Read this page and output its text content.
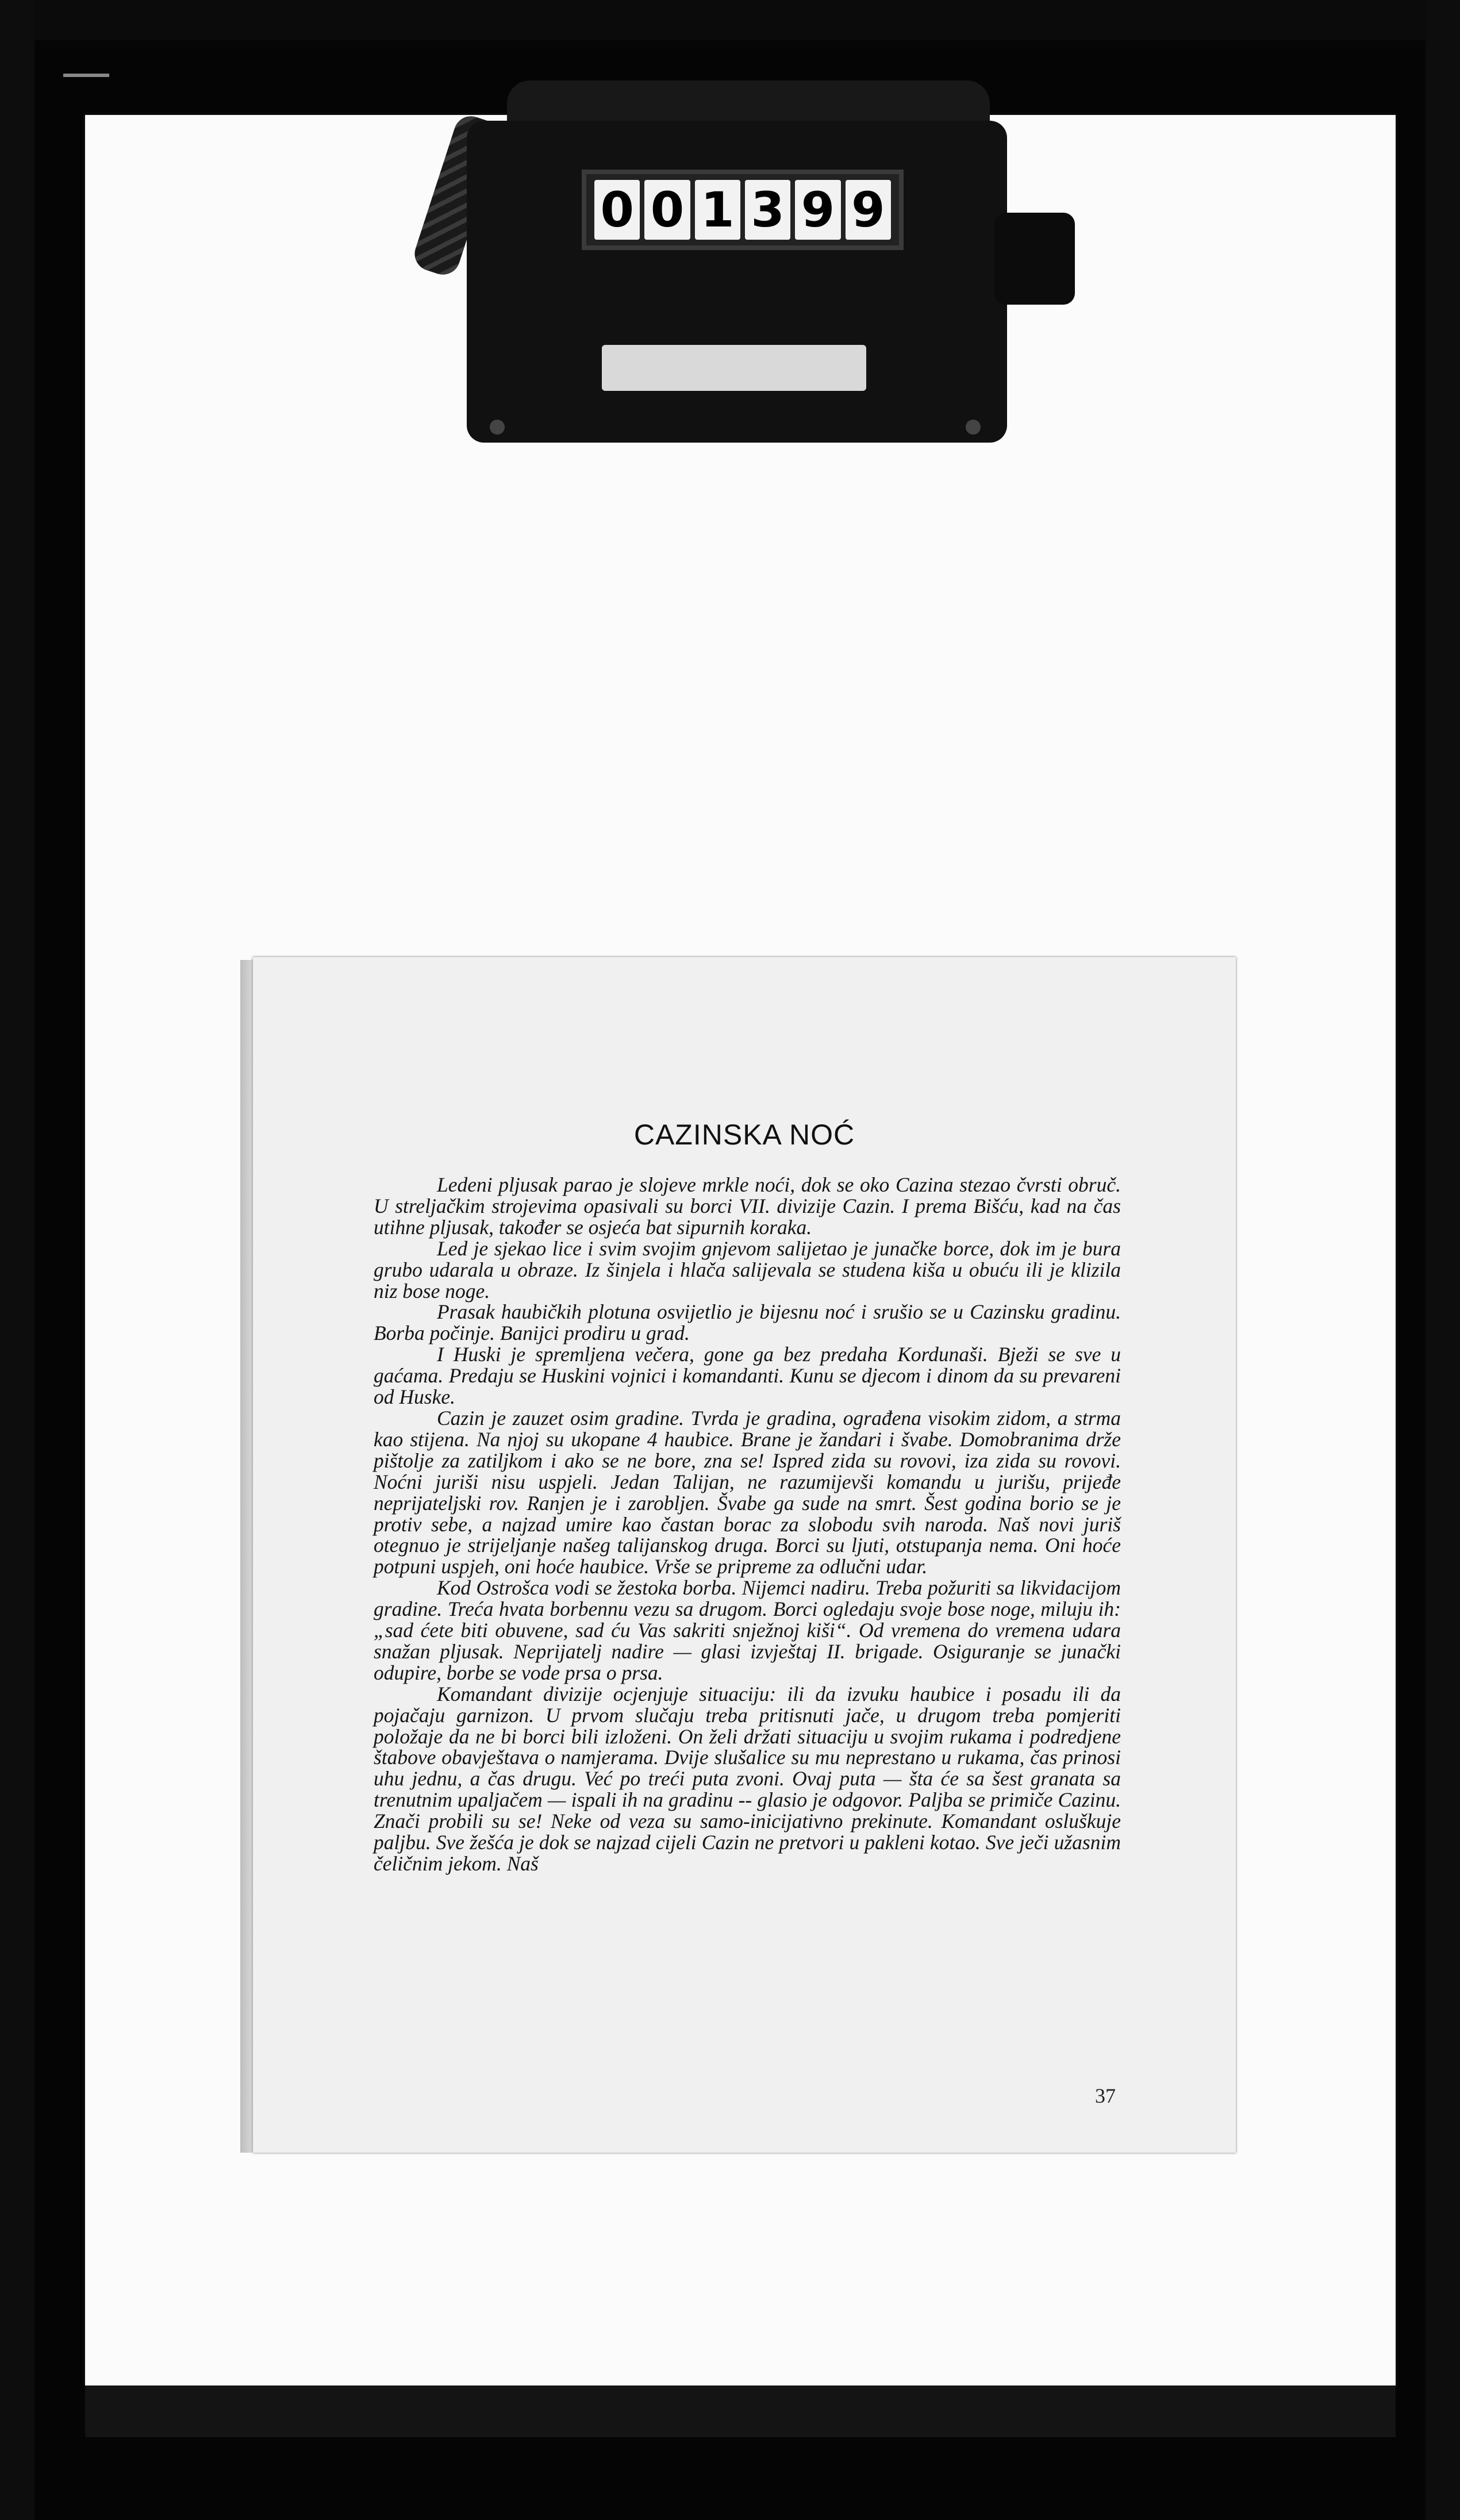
0 0 1 3 9 9
CAZINSKA NOĆ

Ledeni pljusak parao je slojeve mrkle noći, dok se oko Cazina stezao čvrsti obruč. U streljačkim strojevima opasivali su borci VII. divizije Cazin. I prema Bišću, kad na čas utihne pljusak, također se osjeća bat sipurnih koraka.

Led je sjekao lice i svim svojim gnjevom salijetao je junačke borce, dok im je bura grubo udarala u obraze. Iz šinjela i hlača salijevala se studena kiša u obuću ili je klizila niz bose noge.

Prasak haubičkih plotuna osvijetlio je bijesnu noć i srušio se u Cazinsku gradinu. Borba počinje. Banijci prodiru u grad.

I Huski je spremljena večera, gone ga bez predaha Kordunaši. Bježi se sve u gaćama. Predaju se Huskini vojnici i komandanti. Kunu se djecom i dinom da su prevareni od Huske.

Cazin je zauzet osim gradine. Tvrda je gradina, ograđena visokim zidom, a strma kao stijena. Na njoj su ukopane 4 haubice. Brane je žandari i švabe. Domobranima drže pištolje za zatiljkom i ako se ne bore, zna se! Ispred zida su rovovi, iza zida su rovovi. Noćni juriši nisu uspjeli. Jedan Talijan, ne razumijevši komandu u jurišu, prijeđe neprijateljski rov. Ranjen je i zarobljen. Švabe ga sude na smrt. Šest godina borio se je protiv sebe, a najzad umire kao častan borac za slobodu svih naroda. Naš novi juriš otegnuo je strijeljanje našeg talijanskog druga. Borci su ljuti, otstupanja nema. Oni hoće potpuni uspjeh, oni hoće haubice. Vrše se pripreme za odlučni udar.

Kod Ostrošca vodi se žestoka borba. Nijemci nadiru. Treba požuriti sa likvidacijom gradine. Treća hvata borbennu vezu sa drugom. Borci ogledaju svoje bose noge, miluju ih: „sad ćete biti obuvene, sad ću Vas sakriti snježnoj kiši“. Od vremena do vremena udara snažan pljusak. Neprijatelj nadire — glasi izvještaj II. brigade. Osiguranje se junački odupire, borbe se vode prsa o prsa.

Komandant divizije ocjenjuje situaciju: ili da izvuku haubice i posadu ili da pojačaju garnizon. U prvom slučaju treba pritisnuti jače, u drugom treba pomjeriti položaje da ne bi borci bili izloženi. On želi držati situaciju u svojim rukama i podredjene štabove obavještava o namjerama. Dvije slušalice su mu neprestano u rukama, čas prinosi uhu jednu, a čas drugu. Već po treći puta zvoni. Ovaj puta — šta će sa šest granata sa trenutnim upaljačem — ispali ih na gradinu -- glasio je odgovor. Paljba se primiče Cazinu. Znači probili su se! Neke od veza su samo-inicijativno prekinute. Komandant osluškuje paljbu. Sve žešća je dok se najzad cijeli Cazin ne pretvori u pakleni kotao. Sve ječi užasnim čeličnim jekom. Naš

37
